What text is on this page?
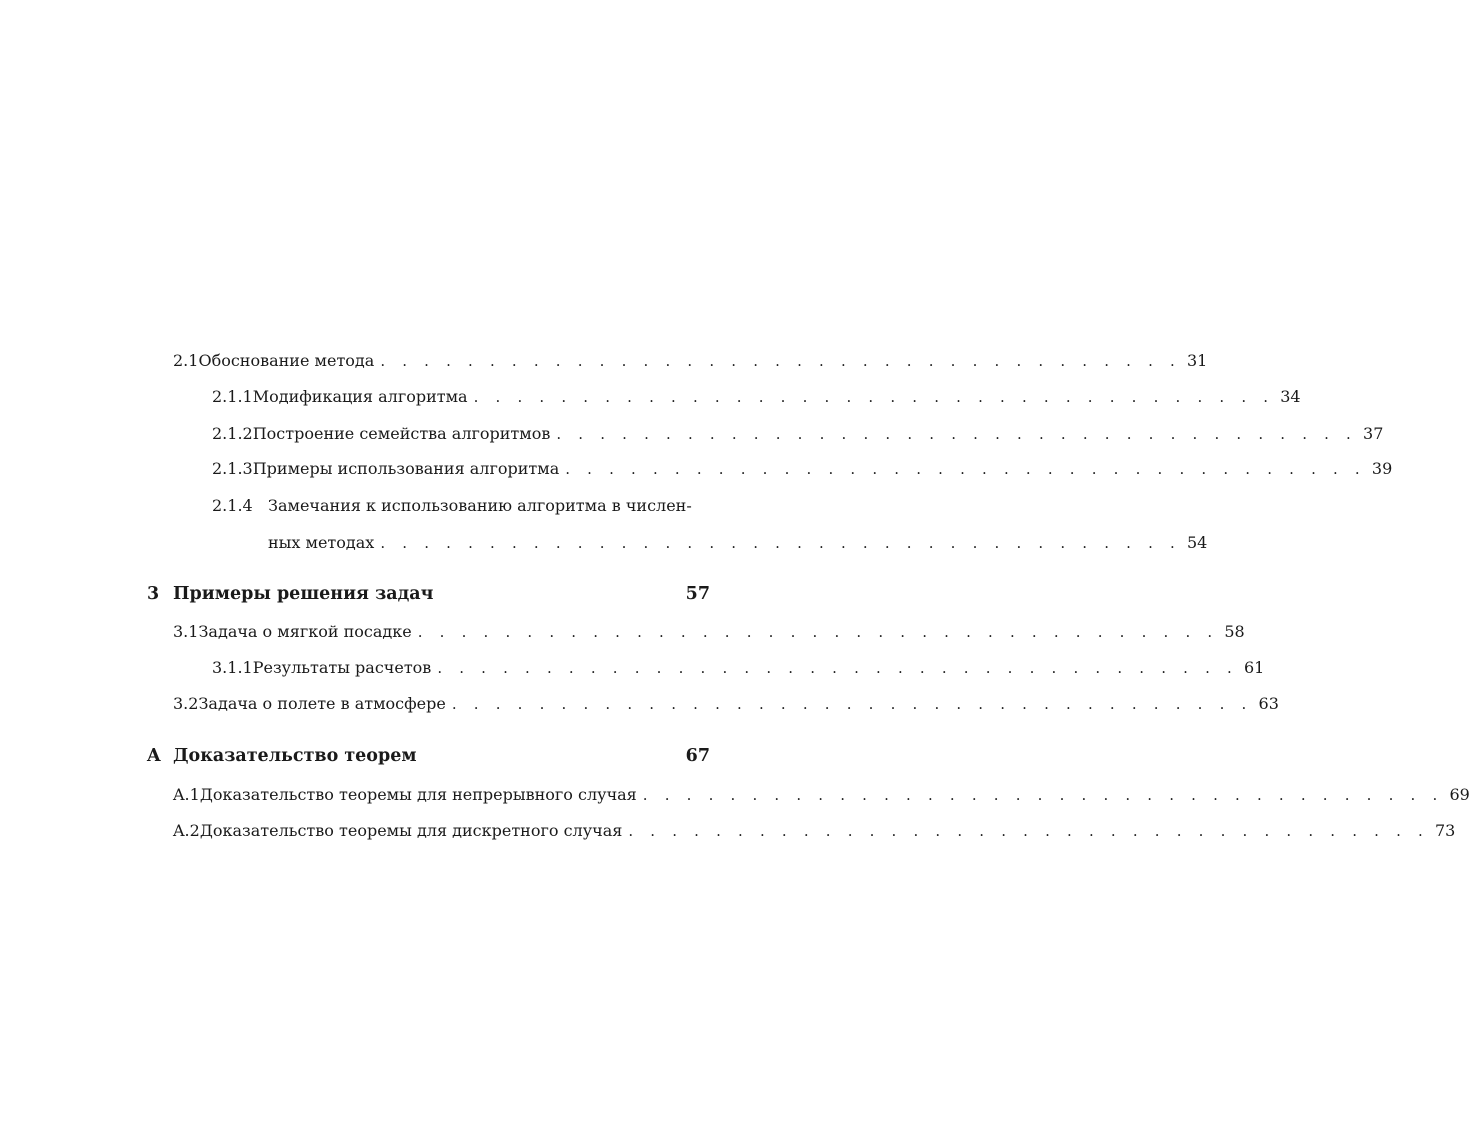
2.1 Обоснование метода . . . . . . . . . . . . . . . . . . . . . . . . . . . . . . . . . . . . . 31
2.1.1 Модификация алгоритма . . . . . . . . . . . . . . . . . . . . . . . . . . . . . . . . . . . . . 34
2.1.2 Построение семейства алгоритмов . . . . . . . . . . . . . . . . . . . . . . . . . . . . . . . . . . . . . 37
2.1.3 Примеры использования алгоритма . . . . . . . . . . . . . . . . . . . . . . . . . . . . . . . . . . . . . 39
2.1.4 Замечания к использованию алгоритма в числен-
ных методах . . . . . . . . . . . . . . . . . . . . . . . . . . . . . . . . . . . . . 54
3 Примеры решения задач	57
3.1 Задача о мягкой посадке . . . . . . . . . . . . . . . . . . . . . . . . . . . . . . . . . . . . . 58
3.1.1 Результаты расчетов . . . . . . . . . . . . . . . . . . . . . . . . . . . . . . . . . . . . . 61
3.2 Задача о полете в атмосфере . . . . . . . . . . . . . . . . . . . . . . . . . . . . . . . . . . . . . 63
A Доказательство теорем	67
A.1 Доказательство теоремы для непрерывного случая . . . . . . . . . . . . . . . . . . . . . . . . . . . . . . . . . . . . . 69
A.2 Доказательство теоремы для дискретного случая . . . . . . . . . . . . . . . . . . . . . . . . . . . . . . . . . . . . . 73
